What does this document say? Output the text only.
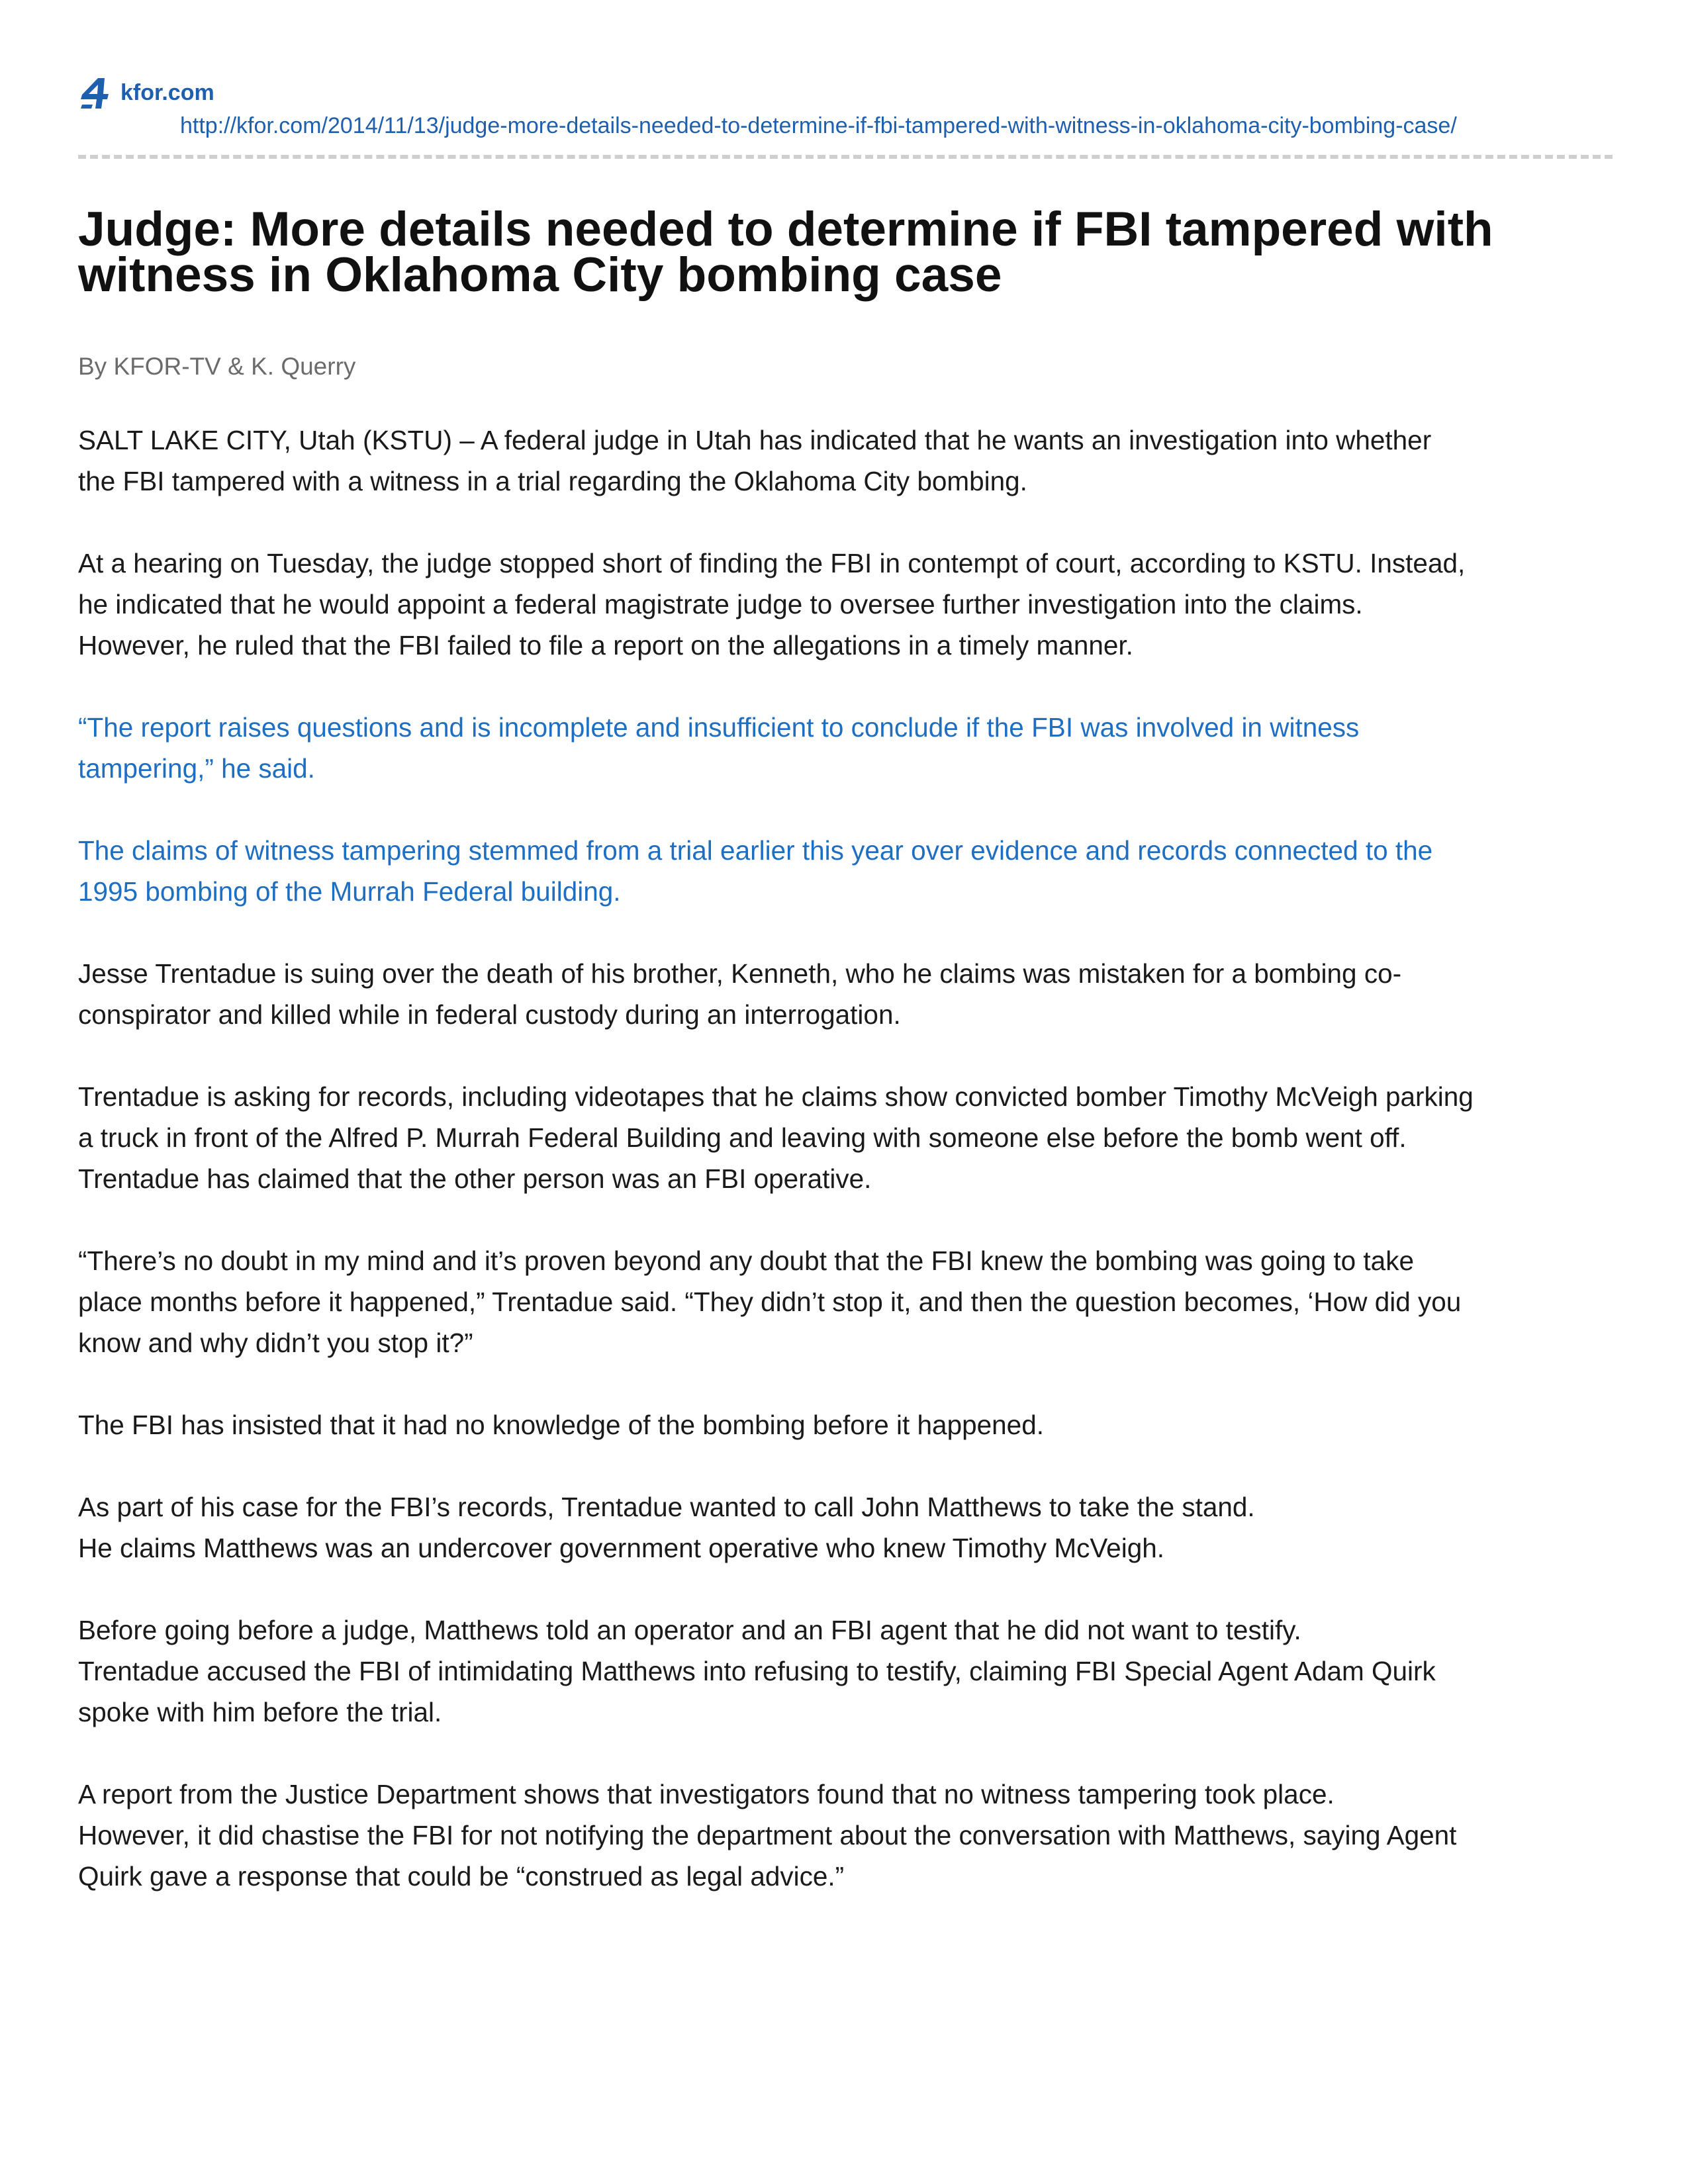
kfor.com
http://kfor.com/2014/11/13/judge-more-details-needed-to-determine-if-fbi-tampered-with-witness-in-oklahoma-city-bombing-case/
Judge: More details needed to determine if FBI tampered with
witness in Oklahoma City bombing case
By KFOR-TV & K. Querry

SALT LAKE CITY, Utah (KSTU) – A federal judge in Utah has indicated that he wants an investigation into whether
the FBI tampered with a witness in a trial regarding the Oklahoma City bombing.

At a hearing on Tuesday, the judge stopped short of finding the FBI in contempt of court, according to KSTU. Instead,
he indicated that he would appoint a federal magistrate judge to oversee further investigation into the claims.
However, he ruled that the FBI failed to file a report on the allegations in a timely manner.

“The report raises questions and is incomplete and insufficient to conclude if the FBI was involved in witness
tampering,” he said.

The claims of witness tampering stemmed from a trial earlier this year over evidence and records connected to the
1995 bombing of the Murrah Federal building.

Jesse Trentadue is suing over the death of his brother, Kenneth, who he claims was mistaken for a bombing co-
conspirator and killed while in federal custody during an interrogation.

Trentadue is asking for records, including videotapes that he claims show convicted bomber Timothy McVeigh parking
a truck in front of the Alfred P. Murrah Federal Building and leaving with someone else before the bomb went off.
Trentadue has claimed that the other person was an FBI operative.

“There’s no doubt in my mind and it’s proven beyond any doubt that the FBI knew the bombing was going to take
place months before it happened,” Trentadue said. “They didn’t stop it, and then the question becomes, ‘How did you
know and why didn’t you stop it?”

The FBI has insisted that it had no knowledge of the bombing before it happened.

As part of his case for the FBI’s records, Trentadue wanted to call John Matthews to take the stand.
He claims Matthews was an undercover government operative who knew Timothy McVeigh.

Before going before a judge, Matthews told an operator and an FBI agent that he did not want to testify.
Trentadue accused the FBI of intimidating Matthews into refusing to testify, claiming FBI Special Agent Adam Quirk
spoke with him before the trial.

A report from the Justice Department shows that investigators found that no witness tampering took place.
However, it did chastise the FBI for not notifying the department about the conversation with Matthews, saying Agent
Quirk gave a response that could be “construed as legal advice.”
